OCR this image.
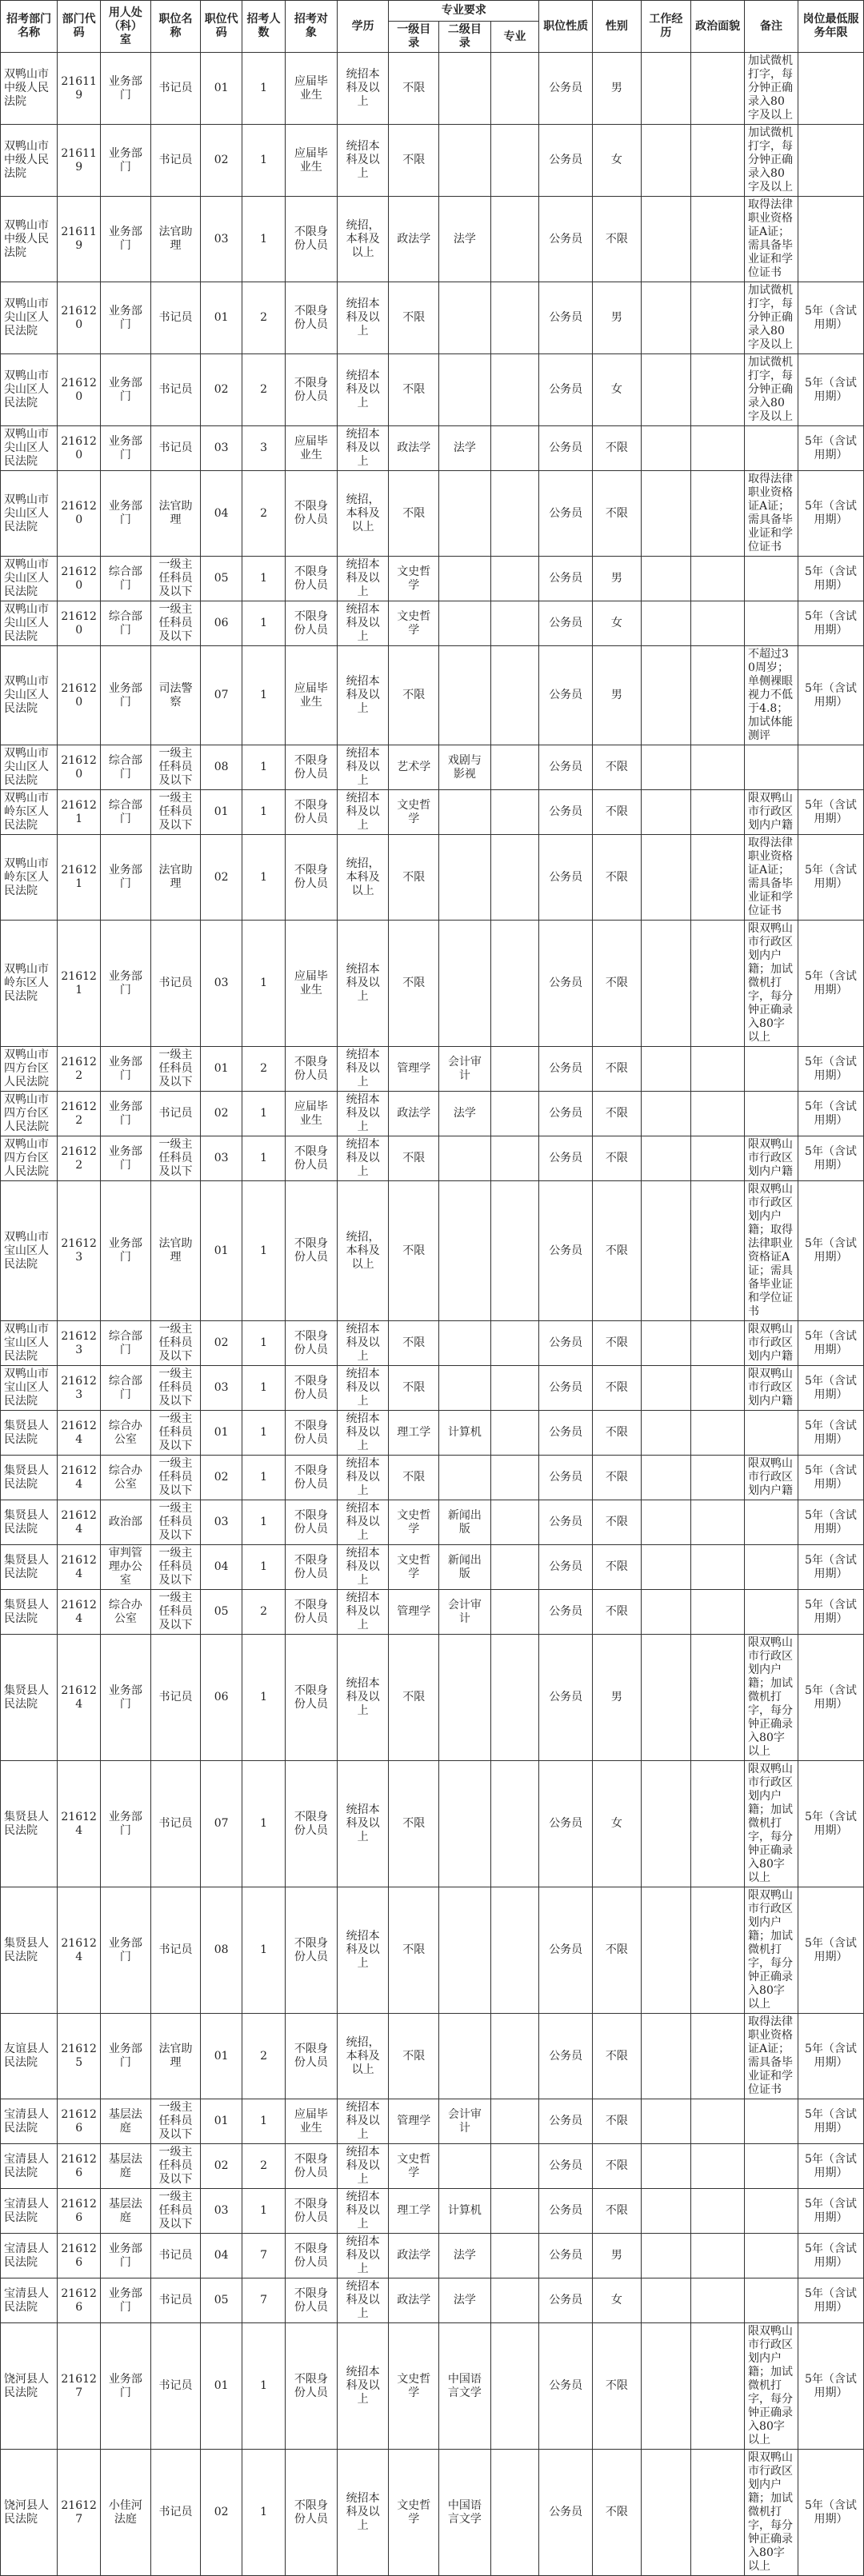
招考部门名称	部门代码	用人处（科）室	职位名称	职位代码	招考人数	招考对象	学历	专业要求			职位性质	性别	工作经历	政治面貌	备注	岗位最低服务年限
								一级目录	二级目录	专业						
双鸭山市中级人民法院	216119	业务部门	书记员	01	1	应届毕业生	统招本科及以上	不限			公务员	男			加试微机打字，每分钟正确录入80字及以上	
双鸭山市中级人民法院	216119	业务部门	书记员	02	1	应届毕业生	统招本科及以上	不限			公务员	女			加试微机打字，每分钟正确录入80字及以上	
双鸭山市中级人民法院	216119	业务部门	法官助理	03	1	不限身份人员	统招，本科及以上	政法学	法学		公务员	不限			取得法律职业资格证A证；需具备毕业证和学位证书	
双鸭山市尖山区人民法院	216120	业务部门	书记员	01	2	不限身份人员	统招本科及以上	不限			公务员	男			加试微机打字，每分钟正确录入80字及以上	5年（含试用期）
双鸭山市尖山区人民法院	216120	业务部门	书记员	02	2	不限身份人员	统招本科及以上	不限			公务员	女			加试微机打字，每分钟正确录入80字及以上	5年（含试用期）
双鸭山市尖山区人民法院	216120	业务部门	书记员	03	3	应届毕业生	统招本科及以上	政法学	法学		公务员	不限				5年（含试用期）
双鸭山市尖山区人民法院	216120	业务部门	法官助理	04	2	不限身份人员	统招，本科及以上	不限			公务员	不限			取得法律职业资格证A证；需具备毕业证和学位证书	5年（含试用期）
双鸭山市尖山区人民法院	216120	综合部门	一级主任科员及以下	05	1	不限身份人员	统招本科及以上	文史哲学			公务员	男				5年（含试用期）
双鸭山市尖山区人民法院	216120	综合部门	一级主任科员及以下	06	1	不限身份人员	统招本科及以上	文史哲学			公务员	女				5年（含试用期）
双鸭山市尖山区人民法院	216120	业务部门	司法警察	07	1	应届毕业生	统招本科及以上	不限			公务员	男			不超过30周岁；单侧裸眼视力不低于4.8；加试体能测评	5年（含试用期）
双鸭山市尖山区人民法院	216120	综合部门	一级主任科员及以下	08	1	不限身份人员	统招本科及以上	艺术学	戏剧与影视		公务员	不限				
双鸭山市岭东区人民法院	216121	综合部门	一级主任科员及以下	01	1	不限身份人员	统招本科及以上	文史哲学			公务员	不限			限双鸭山市行政区划内户籍	5年（含试用期）
双鸭山市岭东区人民法院	216121	业务部门	法官助理	02	1	不限身份人员	统招，本科及以上	不限			公务员	不限			取得法律职业资格证A证；需具备毕业证和学位证书	5年（含试用期）
双鸭山市岭东区人民法院	216121	业务部门	书记员	03	1	应届毕业生	统招本科及以上	不限			公务员	不限			限双鸭山市行政区划内户籍；加试微机打字，每分钟正确录入80字以上	5年（含试用期）
双鸭山市四方台区人民法院	216122	业务部门	一级主任科员及以下	01	2	不限身份人员	统招本科及以上	管理学	会计审计		公务员	不限				5年（含试用期）
双鸭山市四方台区人民法院	216122	业务部门	书记员	02	1	应届毕业生	统招本科及以上	政法学	法学		公务员	不限				5年（含试用期）
双鸭山市四方台区人民法院	216122	业务部门	一级主任科员及以下	03	1	不限身份人员	统招本科及以上	不限			公务员	不限			限双鸭山市行政区划内户籍	5年（含试用期）
双鸭山市宝山区人民法院	216123	业务部门	法官助理	01	1	不限身份人员	统招，本科及以上	不限			公务员	不限			限双鸭山市行政区划内户籍；取得法律职业资格证A证；需具备毕业证和学位证书	5年（含试用期）
双鸭山市宝山区人民法院	216123	综合部门	一级主任科员及以下	02	1	不限身份人员	统招本科及以上	不限			公务员	不限			限双鸭山市行政区划内户籍	5年（含试用期）
双鸭山市宝山区人民法院	216123	综合部门	一级主任科员及以下	03	1	不限身份人员	统招本科及以上	不限			公务员	不限			限双鸭山市行政区划内户籍	5年（含试用期）
集贤县人民法院	216124	综合办公室	一级主任科员及以下	01	1	不限身份人员	统招本科及以上	理工学	计算机		公务员	不限				5年（含试用期）
集贤县人民法院	216124	综合办公室	一级主任科员及以下	02	1	不限身份人员	统招本科及以上	不限			公务员	不限			限双鸭山市行政区划内户籍	5年（含试用期）
集贤县人民法院	216124	政治部	一级主任科员及以下	03	1	不限身份人员	统招本科及以上	文史哲学	新闻出版		公务员	不限				5年（含试用期）
集贤县人民法院	216124	审判管理办公室	一级主任科员及以下	04	1	不限身份人员	统招本科及以上	文史哲学	新闻出版		公务员	不限				5年（含试用期）
集贤县人民法院	216124	综合办公室	一级主任科员及以下	05	2	不限身份人员	统招本科及以上	管理学	会计审计		公务员	不限				5年（含试用期）
集贤县人民法院	216124	业务部门	书记员	06	1	不限身份人员	统招本科及以上	不限			公务员	男			限双鸭山市行政区划内户籍；加试微机打字，每分钟正确录入80字以上	5年（含试用期）
集贤县人民法院	216124	业务部门	书记员	07	1	不限身份人员	统招本科及以上	不限			公务员	女			限双鸭山市行政区划内户籍；加试微机打字，每分钟正确录入80字以上	5年（含试用期）
集贤县人民法院	216124	业务部门	书记员	08	1	不限身份人员	统招本科及以上	不限			公务员	不限			限双鸭山市行政区划内户籍；加试微机打字，每分钟正确录入80字以上	5年（含试用期）
友谊县人民法院	216125	业务部门	法官助理	01	2	不限身份人员	统招，本科及以上	不限			公务员	不限			取得法律职业资格证A证；需具备毕业证和学位证书	5年（含试用期）
宝清县人民法院	216126	基层法庭	一级主任科员及以下	01	1	应届毕业生	统招本科及以上	管理学	会计审计		公务员	不限				5年（含试用期）
宝清县人民法院	216126	基层法庭	一级主任科员及以下	02	2	不限身份人员	统招本科及以上	文史哲学			公务员	不限				5年（含试用期）
宝清县人民法院	216126	基层法庭	一级主任科员及以下	03	1	不限身份人员	统招本科及以上	理工学	计算机		公务员	不限				5年（含试用期）
宝清县人民法院	216126	业务部门	书记员	04	7	不限身份人员	统招本科及以上	政法学	法学		公务员	男				5年（含试用期）
宝清县人民法院	216126	业务部门	书记员	05	7	不限身份人员	统招本科及以上	政法学	法学		公务员	女				5年（含试用期）
饶河县人民法院	216127	业务部门	书记员	01	1	不限身份人员	统招本科及以上	文史哲学	中国语言文学		公务员	不限			限双鸭山市行政区划内户籍；加试微机打字，每分钟正确录入80字以上	5年（含试用期）
饶河县人民法院	216127	小佳河法庭	书记员	02	1	不限身份人员	统招本科及以上	文史哲学	中国语言文学		公务员	不限			限双鸭山市行政区划内户籍；加试微机打字，每分钟正确录入80字以上	5年（含试用期）
